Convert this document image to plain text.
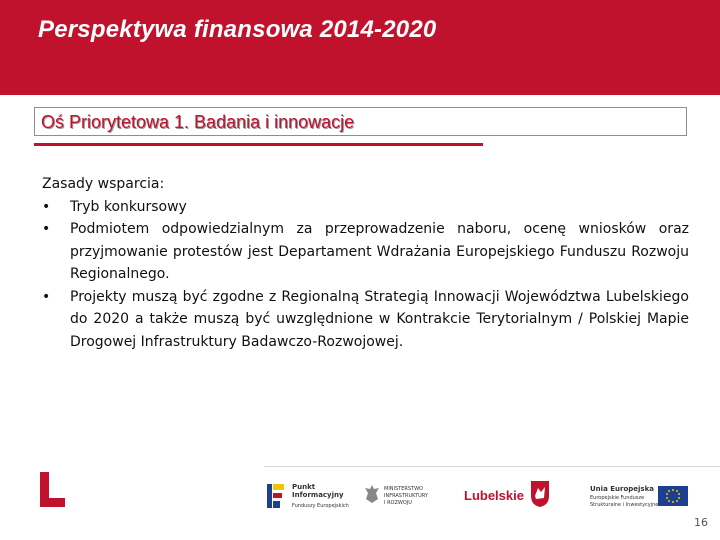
Perspektywa finansowa 2014-2020
Oś Priorytetowa 1. Badania i innowacje

Zasady wsparcia:

• Tryb konkursowy
• Podmiotem odpowiedzialnym za przeprowadzenie naboru, ocenę wniosków oraz przyjmowanie protestów jest Departament Wdrażania Europejskiego Funduszu Rozwoju Regionalnego.
• Projekty muszą być zgodne z Regionalną Strategią Innowacji Województwa Lubelskiego do 2020 a także muszą być uwzględnione w Kontrakcie Terytorialnym / Polskiej Mapie Drogowej Infrastruktury Badawczo-Rozwojowej.
Punkt
Informacyjny
Funduszy Europejskich
MINISTERSTWO
INFRASTRUKTURY
I ROZWOJU	Lubelskie	Unia Europejska
Europejskie Fundusze
Strukturalne i Inwestycyjne
16
